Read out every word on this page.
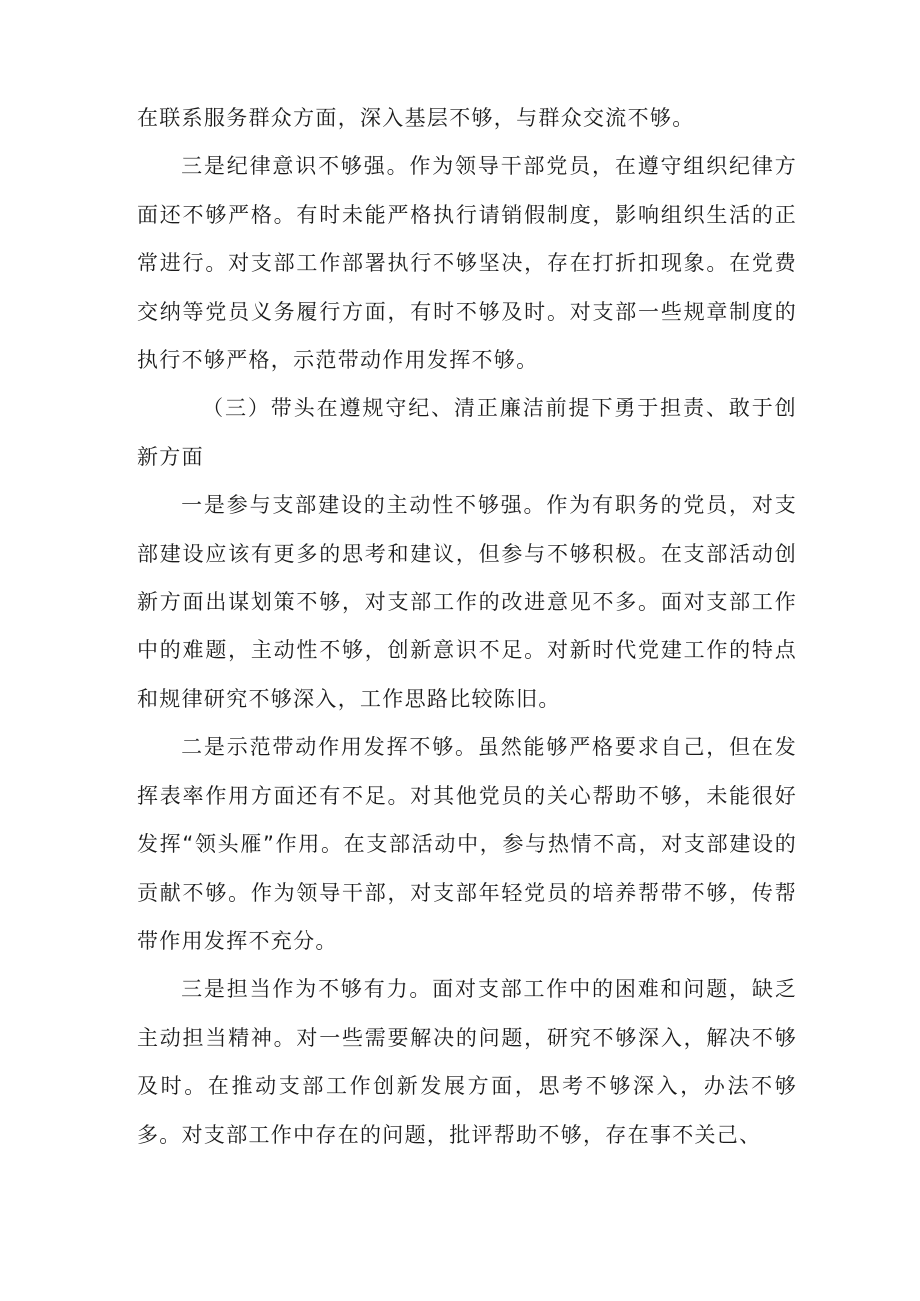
在联系服务群众方面，深入基层不够，与群众交流不够。

三是纪律意识不够强。作为领导干部党员，在遵守组织纪律方面还不够严格。有时未能严格执行请销假制度，影响组织生活的正常进行。对支部工作部署执行不够坚决，存在打折扣现象。在党费交纳等党员义务履行方面，有时不够及时。对支部一些规章制度的执行不够严格，示范带动作用发挥不够。

（三）带头在遵规守纪、清正廉洁前提下勇于担责、敢于创新方面

一是参与支部建设的主动性不够强。作为有职务的党员，对支部建设应该有更多的思考和建议，但参与不够积极。在支部活动创新方面出谋划策不够，对支部工作的改进意见不多。面对支部工作中的难题，主动性不够，创新意识不足。对新时代党建工作的特点和规律研究不够深入，工作思路比较陈旧。

二是示范带动作用发挥不够。虽然能够严格要求自己，但在发挥表率作用方面还有不足。对其他党员的关心帮助不够，未能很好发挥“领头雁”作用。在支部活动中，参与热情不高，对支部建设的贡献不够。作为领导干部，对支部年轻党员的培养帮带不够，传帮带作用发挥不充分。

三是担当作为不够有力。面对支部工作中的困难和问题，缺乏主动担当精神。对一些需要解决的问题，研究不够深入，解决不够及时。在推动支部工作创新发展方面，思考不够深入，办法不够多。对支部工作中存在的问题，批评帮助不够，存在事不关己、
